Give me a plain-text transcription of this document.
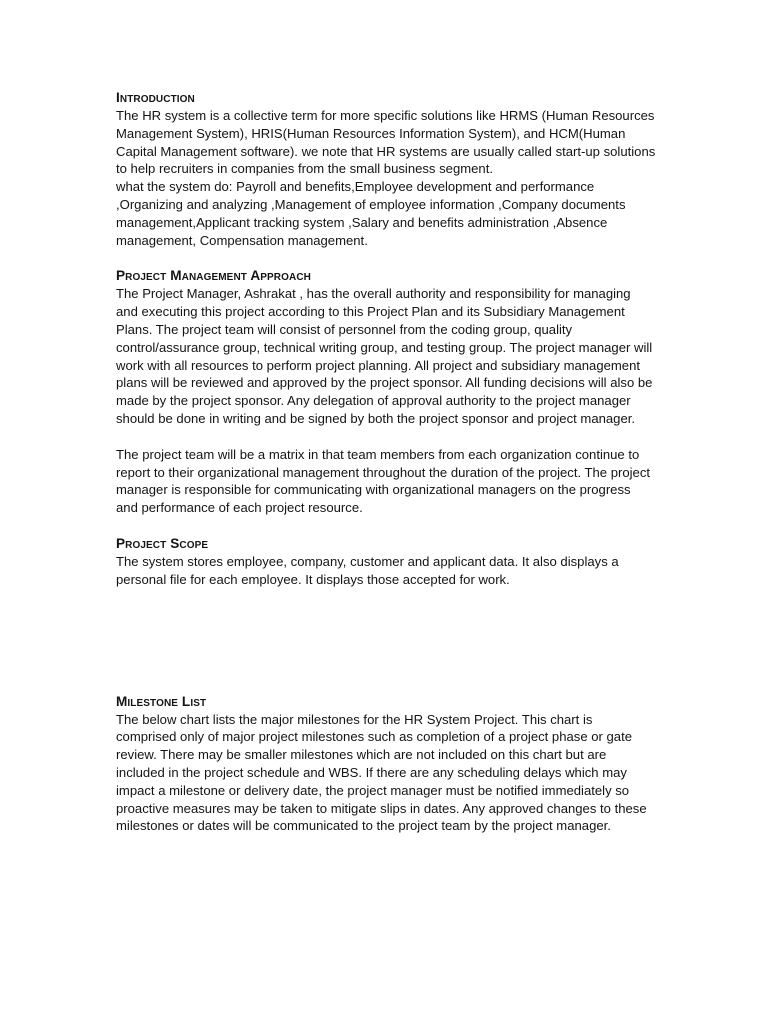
Introduction

The HR system is a collective term for more specific solutions like HRMS (Human Resources Management System), HRIS(Human Resources Information System), and HCM(Human Capital Management software). we note that HR systems are usually called start-up solutions to help recruiters in companies from the small business segment.

what the system do: Payroll and benefits,Employee development and performance ,Organizing and analyzing ,Management of employee information ,Company documents management,Applicant tracking system ,Salary and benefits administration ,Absence management, Compensation management.

Project Management Approach

The Project Manager, Ashrakat , has the overall authority and responsibility for managing and executing this project according to this Project Plan and its Subsidiary Management Plans. The project team will consist of personnel from the coding group, quality control/assurance group, technical writing group, and testing group. The project manager will work with all resources to perform project planning. All project and subsidiary management plans will be reviewed and approved by the project sponsor. All funding decisions will also be made by the project sponsor. Any delegation of approval authority to the project manager should be done in writing and be signed by both the project sponsor and project manager.

The project team will be a matrix in that team members from each organization continue to report to their organizational management throughout the duration of the project. The project manager is responsible for communicating with organizational managers on the progress and performance of each project resource.

Project Scope

The system stores employee, company, customer and applicant data. It also displays a personal file for each employee. It displays those accepted for work.

Milestone List

The below chart lists the major milestones for the HR System Project. This chart is comprised only of major project milestones such as completion of a project phase or gate review. There may be smaller milestones which are not included on this chart but are included in the project schedule and WBS. If there are any scheduling delays which may impact a milestone or delivery date, the project manager must be notified immediately so proactive measures may be taken to mitigate slips in dates. Any approved changes to these milestones or dates will be communicated to the project team by the project manager.
